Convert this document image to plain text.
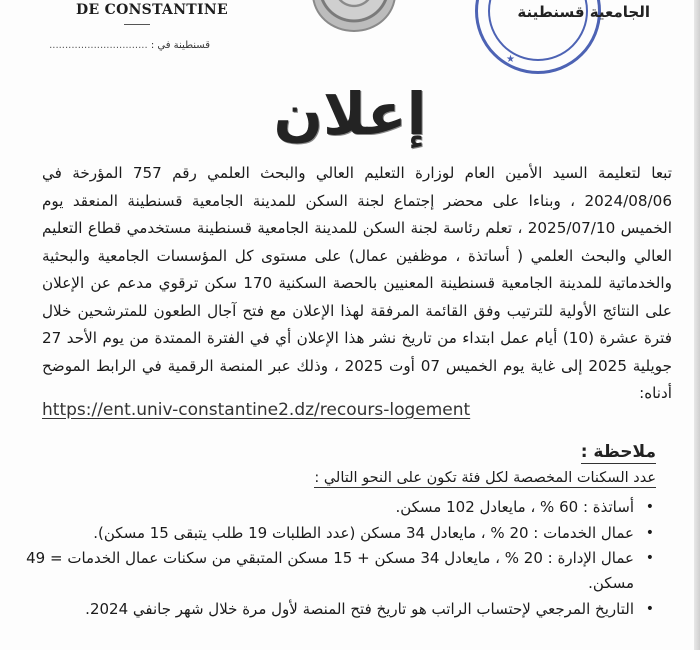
★
DE CONSTANTINE
قسنطينة في : ...............................
الجامعية قسنطينة
إعلان
تبعا لتعليمة السيد الأمين العام لوزارة التعليم العالي والبحث العلمي رقم 757 المؤرخة في 2024/08/06 ، وبناءا على محضر إجتماع لجنة السكن للمدينة الجامعية قسنطينة المنعقد يوم الخميس 2025/07/10 ، تعلم رئاسة لجنة السكن للمدينة الجامعية قسنطينة مستخدمي قطاع التعليم العالي والبحث العلمي ( أساتذة ، موظفين عمال) على مستوى كل المؤسسات الجامعية والبحثية والخدماتية للمدينة الجامعية قسنطينة المعنيين بالحصة السكنية 170 سكن ترقوي مدعم عن الإعلان على النتائج الأولية للترتيب وفق القائمة المرفقة لهذا الإعلان مع فتح آجال الطعون للمترشحين خلال فترة عشرة (10) أيام عمل ابتداء من تاريخ نشر هذا الإعلان أي في الفترة الممتدة من يوم الأحد 27 جويلية 2025 إلى غاية يوم الخميس 07 أوت 2025 ، وذلك عبر المنصة الرقمية في الرابط الموضح أدناه:
https://ent.univ-constantine2.dz/recours-logement
ملاحظة :
عدد السكنات المخصصة لكل فئة تكون على النحو التالي :
• أساتذة : 60 % ، مايعادل 102 مسكن.
• عمال الخدمات : 20 % ، مايعادل 34 مسكن (عدد الطلبات 19 طلب يتبقى 15 مسكن).
• عمال الإدارة : 20 % ، مايعادل 34 مسكن + 15 مسكن المتبقي من سكنات عمال الخدمات = 49 مسكن.
• التاريخ المرجعي لإحتساب الراتب هو تاريخ فتح المنصة لأول مرة خلال شهر جانفي 2024.
